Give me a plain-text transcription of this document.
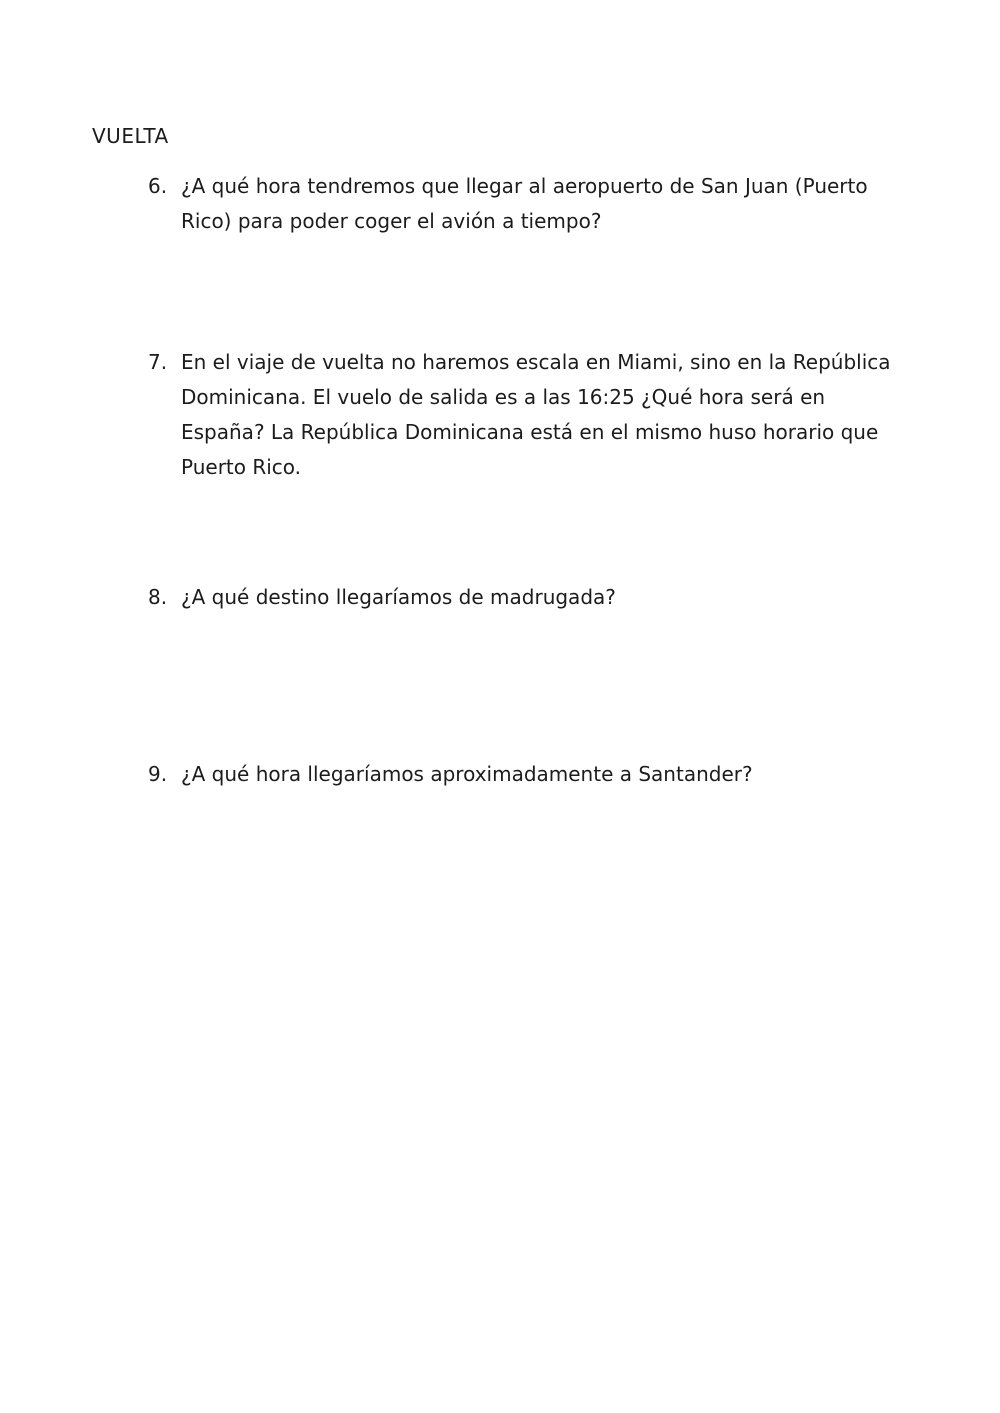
VUELTA
6. ¿A qué hora tendremos que llegar al aeropuerto de San Juan (Puerto Rico) para poder coger el avión a tiempo?
7. En el viaje de vuelta no haremos escala en Miami, sino en la República Dominicana. El vuelo de salida es a las 16:25 ¿Qué hora será en España? La República Dominicana está en el mismo huso horario que Puerto Rico.
8. ¿A qué destino llegaríamos de madrugada?
9. ¿A qué hora llegaríamos aproximadamente a Santander?
